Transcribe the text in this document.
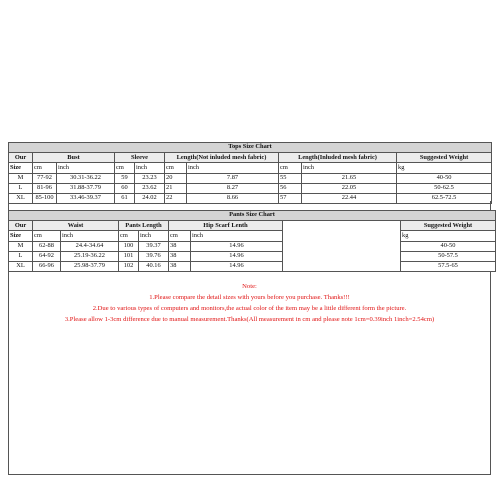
Tops Size Chart									
Our	Bust		Sleeve		Length(Not inluded mesh fabric)		Length(Inluded mesh fabric)		Suggested Weight
Size	cm	inch	cm	inch	cm	inch	cm	inch	kg
M	77-92	30.31-36.22	59	23.23	20	7.87	55	21.65	40-50
L	81-96	31.88-37.79	60	23.62	21	8.27	56	22.05	50-62.5
XL	85-100	33.46-39.37	61	24.02	22	8.66	57	22.44	62.5-72.5
Pants Size Chart								
Our	Waist		Pants Length		Hip Scarf Lenth			Suggested Weight
Size	cm	inch	cm	inch	cm	inch		kg
M	62-88	24.4-34.64	100	39.37	38	14.96		40-50
L	64-92	25.19-36.22	101	39.76	38	14.96		50-57.5
XL	66-96	25.98-37.79	102	40.16	38	14.96		57.5-65

Note:

1.Please compare the detail sizes with yours before you purchase. Thanks!!!

2.Due to various types of computers and monitors,the actual color of the item may be a little different form the picture.

3.Please allow 1-3cm difference due to manual measurement.Thanks(All measurement in cm and please note 1cm=0.39inch 1inch=2.54cm)
